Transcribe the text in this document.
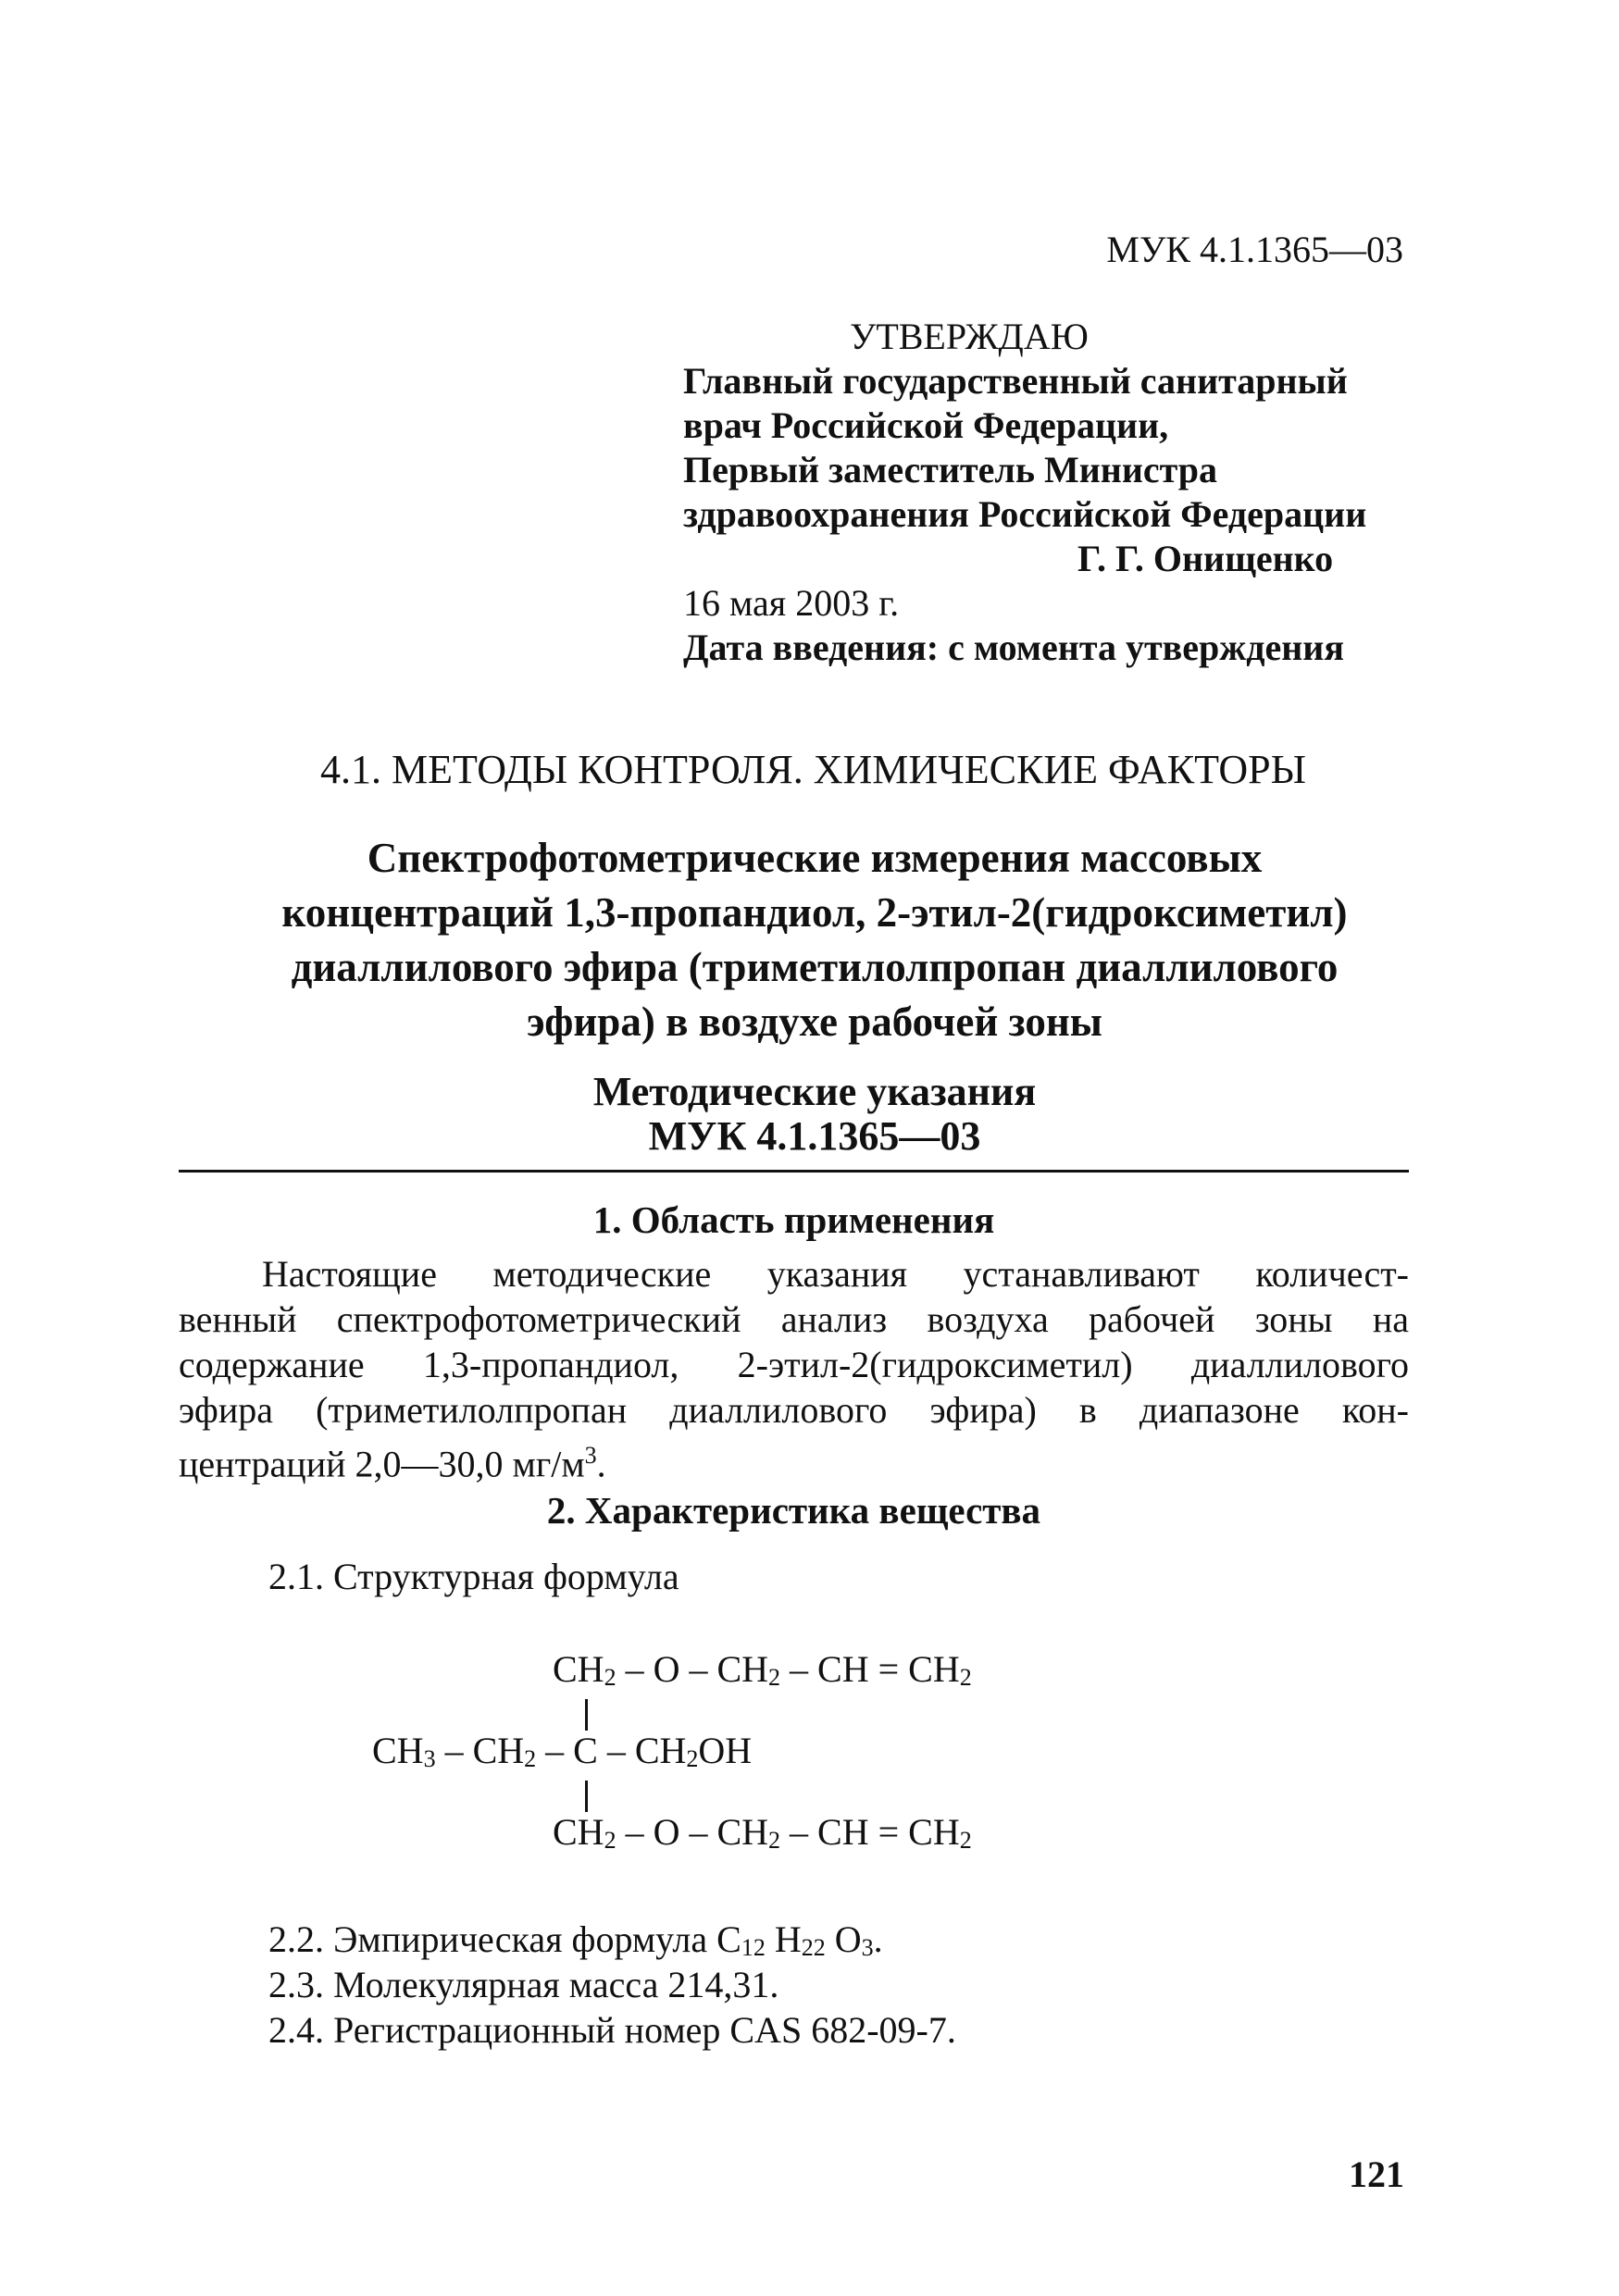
МУК 4.1.1365—03
УТВЕРЖДАЮ
Главный государственный санитарный
врач Российской Федерации,
Первый заместитель Министра
здравоохранения Российской Федерации
Г. Г. Онищенко
16 мая 2003 г.
Дата введения: с момента утверждения
4.1. МЕТОДЫ КОНТРОЛЯ. ХИМИЧЕСКИЕ ФАКТОРЫ
Спектрофотометрические измерения массовых
концентраций 1,3-пропандиол, 2-этил-2(гидроксиметил)
диаллилового эфира (триметилолпропан диаллилового
эфира) в воздухе рабочей зоны
Методические указания
МУК 4.1.1365—03
1. Область применения
Настоящие методические указания устанавливают количест-
венный спектрофотометрический анализ воздуха рабочей зоны на
содержание 1,3-пропандиол, 2-этил-2(гидроксиметил) диаллилового
эфира (триметилолпропан диаллилового эфира) в диапазоне кон-
центраций 2,0—30,0 $мг/м^3$.
2. Характеристика вещества
2.1. Структурная формула
$CH_2$ – O – $CH_2$ – CH = $CH_2$
$CH_3 - CH_2$ – C – $CH_2OH$
$CH_2$ – O – $CH_2$ – CH = $CH_2$
2.2. Эмпирическая формула $C_{12}$ $H_{22}$ $O_3$.
2.3. Молекулярная масса 214,31.
2.4. Регистрационный номер CAS 682-09-7.
121
